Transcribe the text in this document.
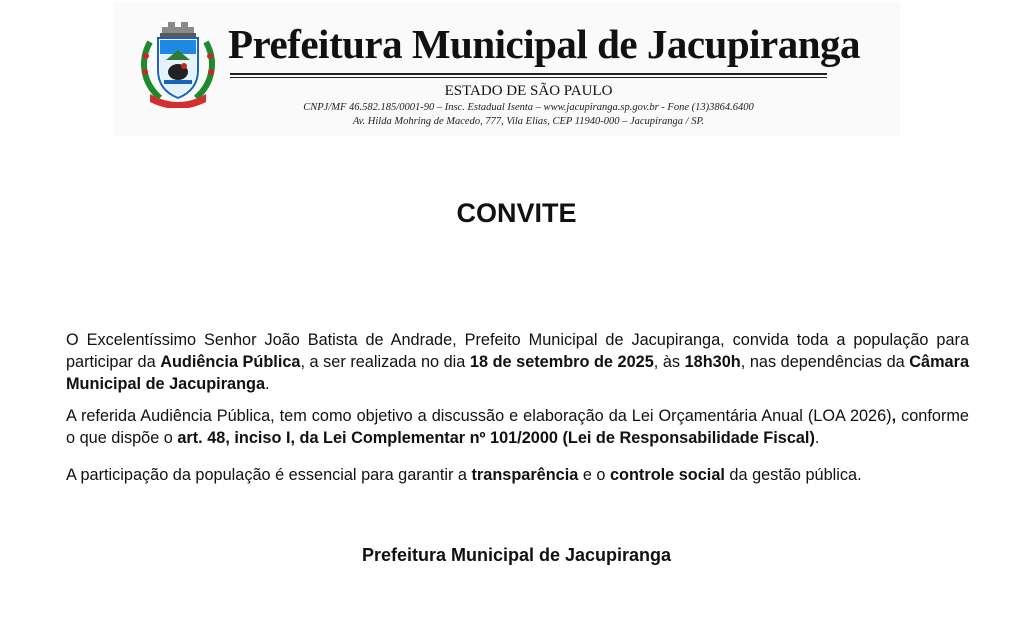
Prefeitura Municipal de Jacupiranga
ESTADO DE SÃO PAULO
CNPJ/MF 46.582.185/0001-90 – Insc. Estadual Isenta – www.jacupiranga.sp.gov.br - Fone (13)3864.6400
Av. Hilda Mohring de Macedo, 777, Vila Elias, CEP 11940-000 – Jacupiranga / SP.
CONVITE
O Excelentíssimo Senhor João Batista de Andrade, Prefeito Municipal de Jacupiranga, convida toda a população para participar da Audiência Pública, a ser realizada no dia 18 de setembro de 2025, às 18h30h, nas dependências da Câmara Municipal de Jacupiranga.
A referida Audiência Pública, tem como objetivo a discussão e elaboração da Lei Orçamentária Anual (LOA 2026), conforme o que dispõe o art. 48, inciso I, da Lei Complementar nº 101/2000 (Lei de Responsabilidade Fiscal).
A participação da população é essencial para garantir a transparência e o controle social da gestão pública.
Prefeitura Municipal de Jacupiranga
